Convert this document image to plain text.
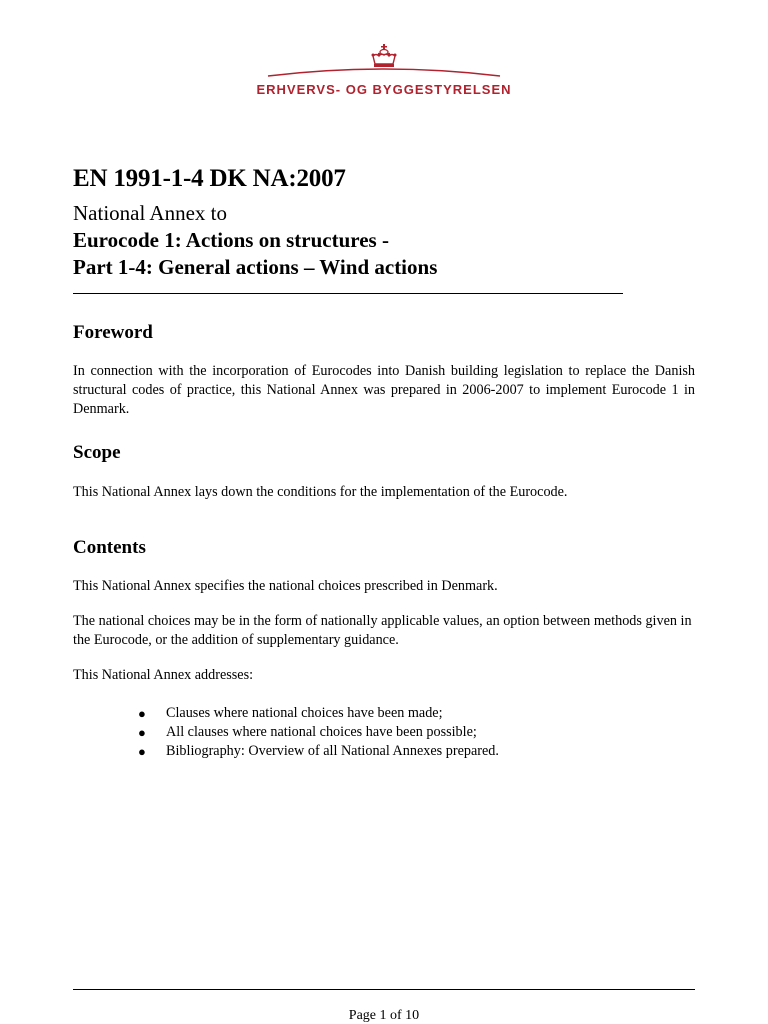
ERHVERVS- OG BYGGESTYRELSEN
EN 1991-1-4 DK NA:2007
National Annex to
Eurocode 1: Actions on structures -
Part 1-4: General actions – Wind actions
Foreword

In connection with the incorporation of Eurocodes into Danish building legislation to replace the Danish structural codes of practice, this National Annex was prepared in 2006-2007 to implement Eurocode 1 in Denmark.

Scope

This National Annex lays down the conditions for the implementation of the Eurocode.

Contents

This National Annex specifies the national choices prescribed in Denmark.

The national choices may be in the form of nationally applicable values, an option between methods given in the Eurocode, or the addition of supplementary guidance.

This National Annex addresses:

● Clauses where national choices have been made;
● All clauses where national choices have been possible;
● Bibliography: Overview of all National Annexes prepared.
Page 1 of 10
